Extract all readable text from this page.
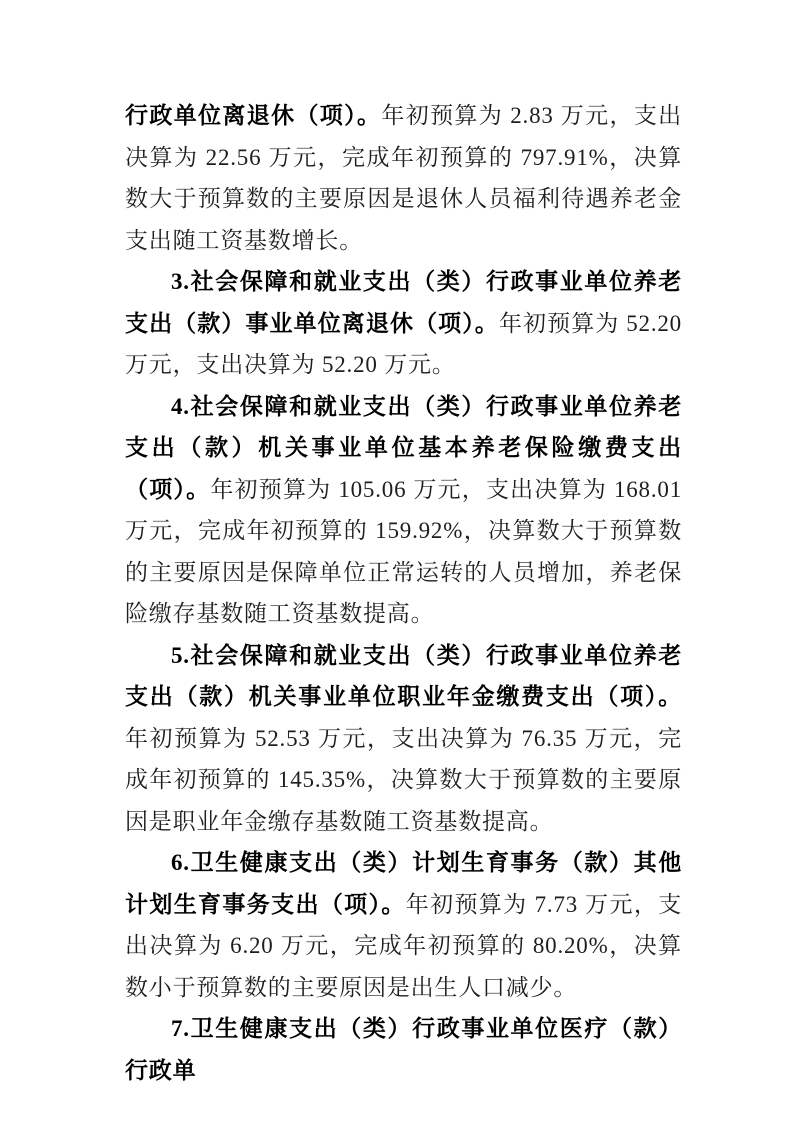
行政单位离退休（项）。年初预算为 2.83 万元，支出决算为 22.56 万元，完成年初预算的 797.91%，决算数大于预算数的主要原因是退休人员福利待遇养老金支出随工资基数增长。

3.社会保障和就业支出（类）行政事业单位养老支出（款）事业单位离退休（项）。年初预算为 52.20 万元，支出决算为 52.20 万元。

4.社会保障和就业支出（类）行政事业单位养老支出（款）机关事业单位基本养老保险缴费支出（项）。年初预算为 105.06 万元，支出决算为 168.01 万元，完成年初预算的 159.92%，决算数大于预算数的主要原因是保障单位正常运转的人员增加，养老保险缴存基数随工资基数提高。

5.社会保障和就业支出（类）行政事业单位养老支出（款）机关事业单位职业年金缴费支出（项）。年初预算为 52.53 万元，支出决算为 76.35 万元，完成年初预算的 145.35%，决算数大于预算数的主要原因是职业年金缴存基数随工资基数提高。

6.卫生健康支出（类）计划生育事务（款）其他计划生育事务支出（项）。年初预算为 7.73 万元，支出决算为 6.20 万元，完成年初预算的 80.20%，决算数小于预算数的主要原因是出生人口减少。

7.卫生健康支出（类）行政事业单位医疗（款）行政单
